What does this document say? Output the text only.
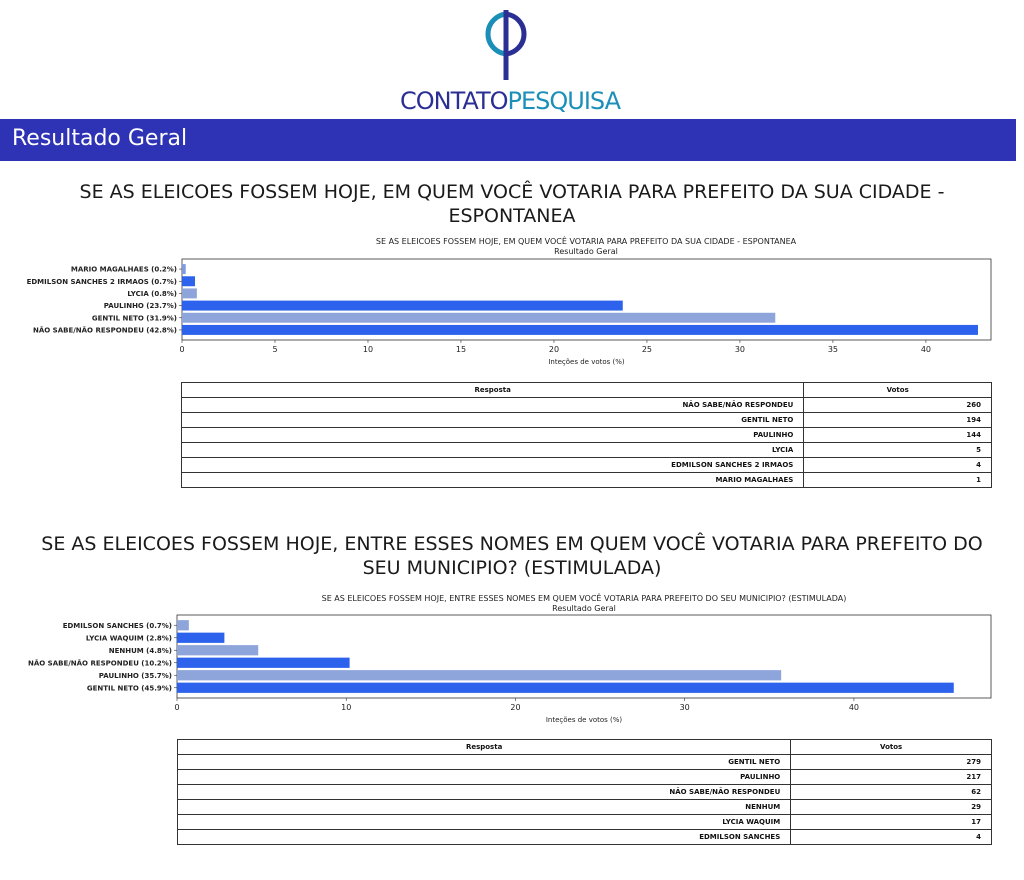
CONTATOPESQUISA
Resultado Geral
SE AS ELEICOES FOSSEM HOJE, EM QUEM VOCÊ VOTARIA PARA PREFEITO DA SUA CIDADE -
ESPONTANEA
SE AS ELEICOES FOSSEM HOJE, EM QUEM VOCÊ VOTARIA PARA PREFEITO DA SUA CIDADE - ESPONTANEA
Resultado Geral
MARIO MAGALHAES (0.2%)
EDMILSON SANCHES 2 IRMAOS (0.7%)
LYCIA (0.8%)
PAULINHO (23.7%)
GENTIL NETO (31.9%)
NÃO SABE/NÃO RESPONDEU (42.8%)
0	5	10	15	20	25	30	35	40
Inteções de votos (%)
Resposta	Votos
NÃO SABE/NÃO RESPONDEU	260
GENTIL NETO	194
PAULINHO	144
LYCIA	5
EDMILSON SANCHES 2 IRMAOS	4
MARIO MAGALHAES	1
SE AS ELEICOES FOSSEM HOJE, ENTRE ESSES NOMES EM QUEM VOCÊ VOTARIA PARA PREFEITO DO
SEU MUNICIPIO? (ESTIMULADA)
SE AS ELEICOES FOSSEM HOJE, ENTRE ESSES NOMES EM QUEM VOCÊ VOTARIA PARA PREFEITO DO SEU MUNICIPIO? (ESTIMULADA)
Resultado Geral
EDMILSON SANCHES (0.7%)
LYCIA WAQUIM (2.8%)
NENHUM (4.8%)
NÃO SABE/NÃO RESPONDEU (10.2%)
PAULINHO (35.7%)
GENTIL NETO (45.9%)
0	10	20	30	40
Inteções de votos (%)
Resposta	Votos
GENTIL NETO	279
PAULINHO	217
NÃO SABE/NÃO RESPONDEU	62
NENHUM	29
LYCIA WAQUIM	17
EDMILSON SANCHES	4
